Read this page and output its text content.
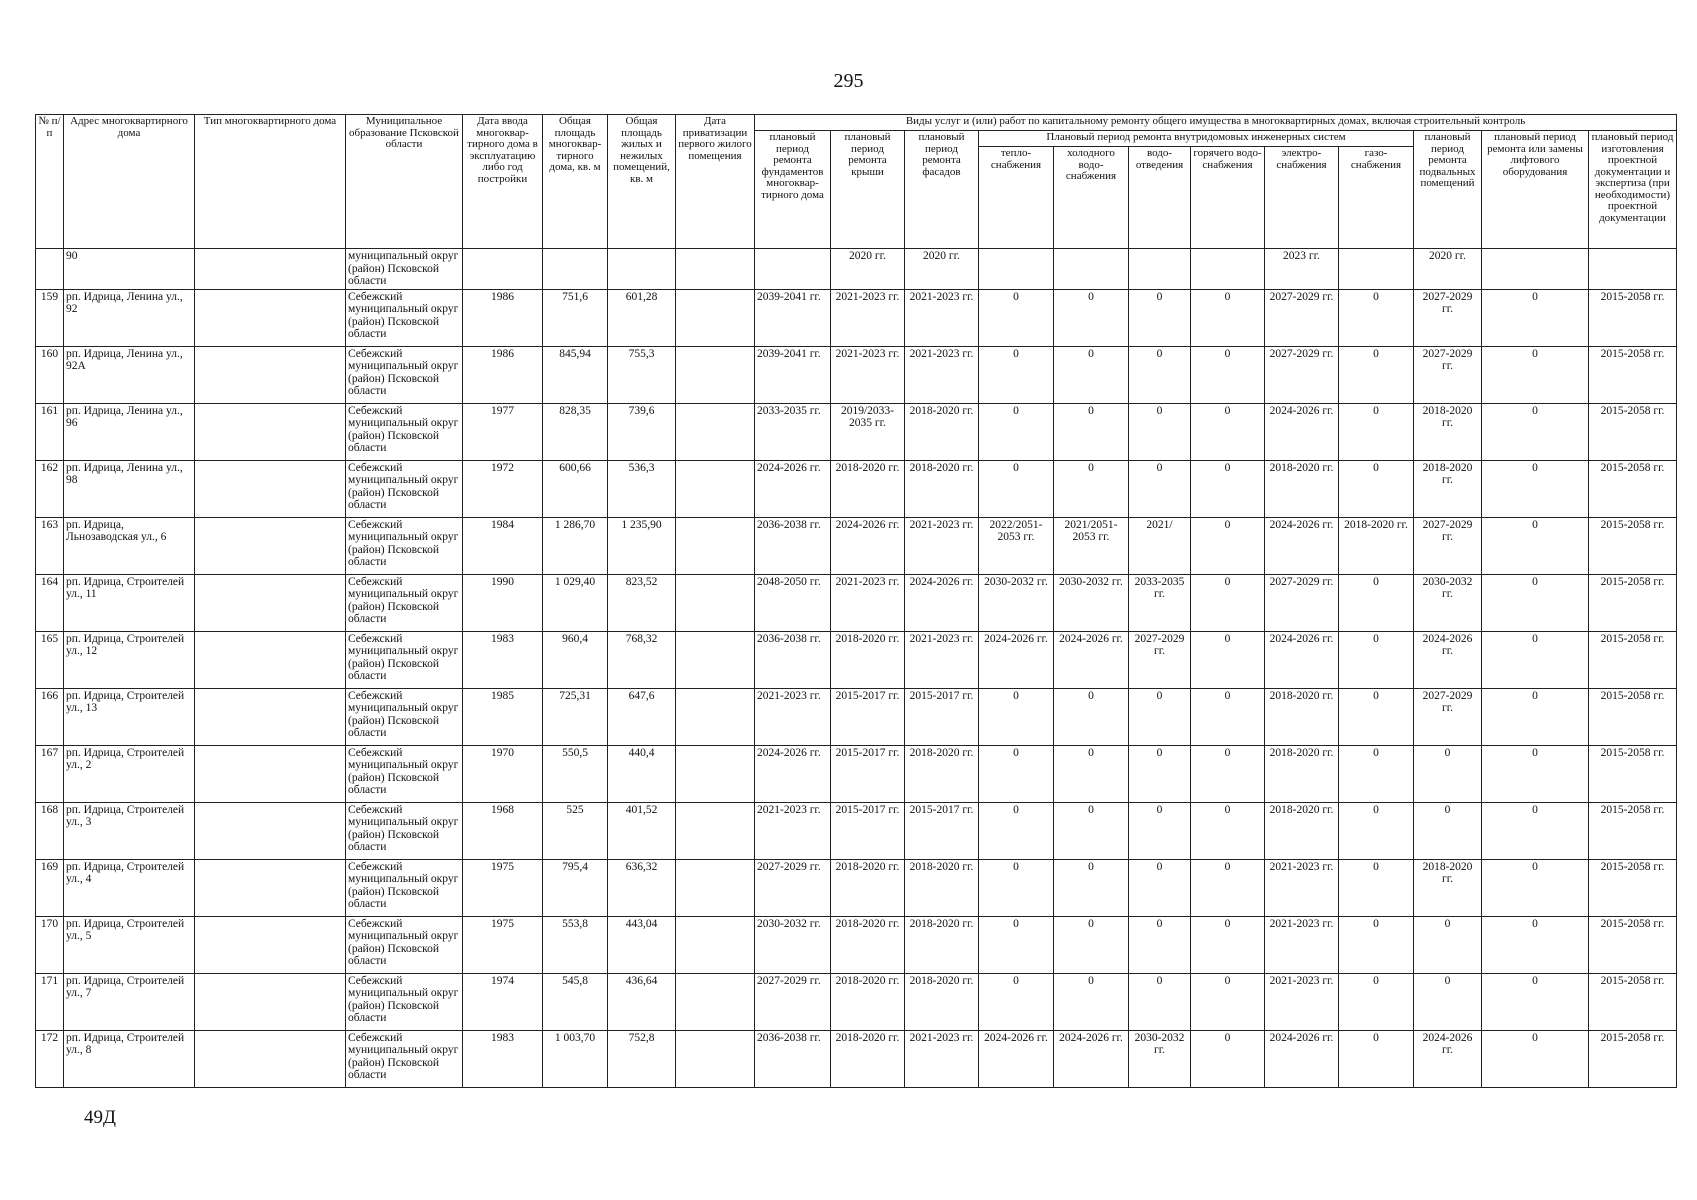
295
№ п/п	Адрес многоквартирного дома	Тип многоквартирного дома	Муниципальное образование Псковской области	Дата ввода многоквар-тирного дома в эксплуатацию либо год постройки	Общая площадь многоквар-тирного дома, кв. м	Общая площадь жилых и нежилых помещений, кв. м	Дата приватизации первого жилого помещения	Виды услуг и (или) работ по капитальному ремонту общего имущества в многоквартирных домах, включая строительный контроль											
								плановый период ремонта фундаментов многоквар-тирного дома	плановый период ремонта крыши	плановый период ремонта фасадов	Плановый период ремонта внутридомовых инженерных систем						плановый период ремонта подвальных помещений	плановый период ремонта или замены лифтового оборудования	плановый период изготовления проектной документации и экспертиза (при необходимости) проектной документации
											тепло-снабжения	холодного водо-снабжения	водо-отведения	горячего водо-снабжения	электро-снабжения	газо-снабжения			
	90		муниципальный округ (район) Псковской области						2020 гг.	2020 гг.					2023 гг.		2020 гг.		
159	рп. Идрица, Ленина ул., 92		Себежский муниципальный округ (район) Псковской области	1986	751,6	601,28		2039-2041 гг.	2021-2023 гг.	2021-2023 гг.	0	0	0	0	2027-2029 гг.	0	2027-2029 гг.	0	2015-2058 гг.
160	рп. Идрица, Ленина ул., 92А		Себежский муниципальный округ (район) Псковской области	1986	845,94	755,3		2039-2041 гг.	2021-2023 гг.	2021-2023 гг.	0	0	0	0	2027-2029 гг.	0	2027-2029 гг.	0	2015-2058 гг.
161	рп. Идрица, Ленина ул., 96		Себежский муниципальный округ (район) Псковской области	1977	828,35	739,6		2033-2035 гг.	2019/2033-2035 гг.	2018-2020 гг.	0	0	0	0	2024-2026 гг.	0	2018-2020 гг.	0	2015-2058 гг.
162	рп. Идрица, Ленина ул., 98		Себежский муниципальный округ (район) Псковской области	1972	600,66	536,3		2024-2026 гг.	2018-2020 гг.	2018-2020 гг.	0	0	0	0	2018-2020 гг.	0	2018-2020 гг.	0	2015-2058 гг.
163	рп. Идрица, Льнозаводская ул., 6		Себежский муниципальный округ (район) Псковской области	1984	1 286,70	1 235,90		2036-2038 гг.	2024-2026 гг.	2021-2023 гг.	2022/2051-2053 гг.	2021/2051-2053 гг.	2021/	0	2024-2026 гг.	2018-2020 гг.	2027-2029 гг.	0	2015-2058 гг.
164	рп. Идрица, Строителей ул., 11		Себежский муниципальный округ (район) Псковской области	1990	1 029,40	823,52		2048-2050 гг.	2021-2023 гг.	2024-2026 гг.	2030-2032 гг.	2030-2032 гг.	2033-2035 гг.	0	2027-2029 гг.	0	2030-2032 гг.	0	2015-2058 гг.
165	рп. Идрица, Строителей ул., 12		Себежский муниципальный округ (район) Псковской области	1983	960,4	768,32		2036-2038 гг.	2018-2020 гг.	2021-2023 гг.	2024-2026 гг.	2024-2026 гг.	2027-2029 гг.	0	2024-2026 гг.	0	2024-2026 гг.	0	2015-2058 гг.
166	рп. Идрица, Строителей ул., 13		Себежский муниципальный округ (район) Псковской области	1985	725,31	647,6		2021-2023 гг.	2015-2017 гг.	2015-2017 гг.	0	0	0	0	2018-2020 гг.	0	2027-2029 гг.	0	2015-2058 гг.
167	рп. Идрица, Строителей ул., 2		Себежский муниципальный округ (район) Псковской области	1970	550,5	440,4		2024-2026 гг.	2015-2017 гг.	2018-2020 гг.	0	0	0	0	2018-2020 гг.	0	0	0	2015-2058 гг.
168	рп. Идрица, Строителей ул., 3		Себежский муниципальный округ (район) Псковской области	1968	525	401,52		2021-2023 гг.	2015-2017 гг.	2015-2017 гг.	0	0	0	0	2018-2020 гг.	0	0	0	2015-2058 гг.
169	рп. Идрица, Строителей ул., 4		Себежский муниципальный округ (район) Псковской области	1975	795,4	636,32		2027-2029 гг.	2018-2020 гг.	2018-2020 гг.	0	0	0	0	2021-2023 гг.	0	2018-2020 гг.	0	2015-2058 гг.
170	рп. Идрица, Строителей ул., 5		Себежский муниципальный округ (район) Псковской области	1975	553,8	443,04		2030-2032 гг.	2018-2020 гг.	2018-2020 гг.	0	0	0	0	2021-2023 гг.	0	0	0	2015-2058 гг.
171	рп. Идрица, Строителей ул., 7		Себежский муниципальный округ (район) Псковской области	1974	545,8	436,64		2027-2029 гг.	2018-2020 гг.	2018-2020 гг.	0	0	0	0	2021-2023 гг.	0	0	0	2015-2058 гг.
172	рп. Идрица, Строителей ул., 8		Себежский муниципальный округ (район) Псковской области	1983	1 003,70	752,8		2036-2038 гг.	2018-2020 гг.	2021-2023 гг.	2024-2026 гг.	2024-2026 гг.	2030-2032 гг.	0	2024-2026 гг.	0	2024-2026 гг.	0	2015-2058 гг.
49Д
